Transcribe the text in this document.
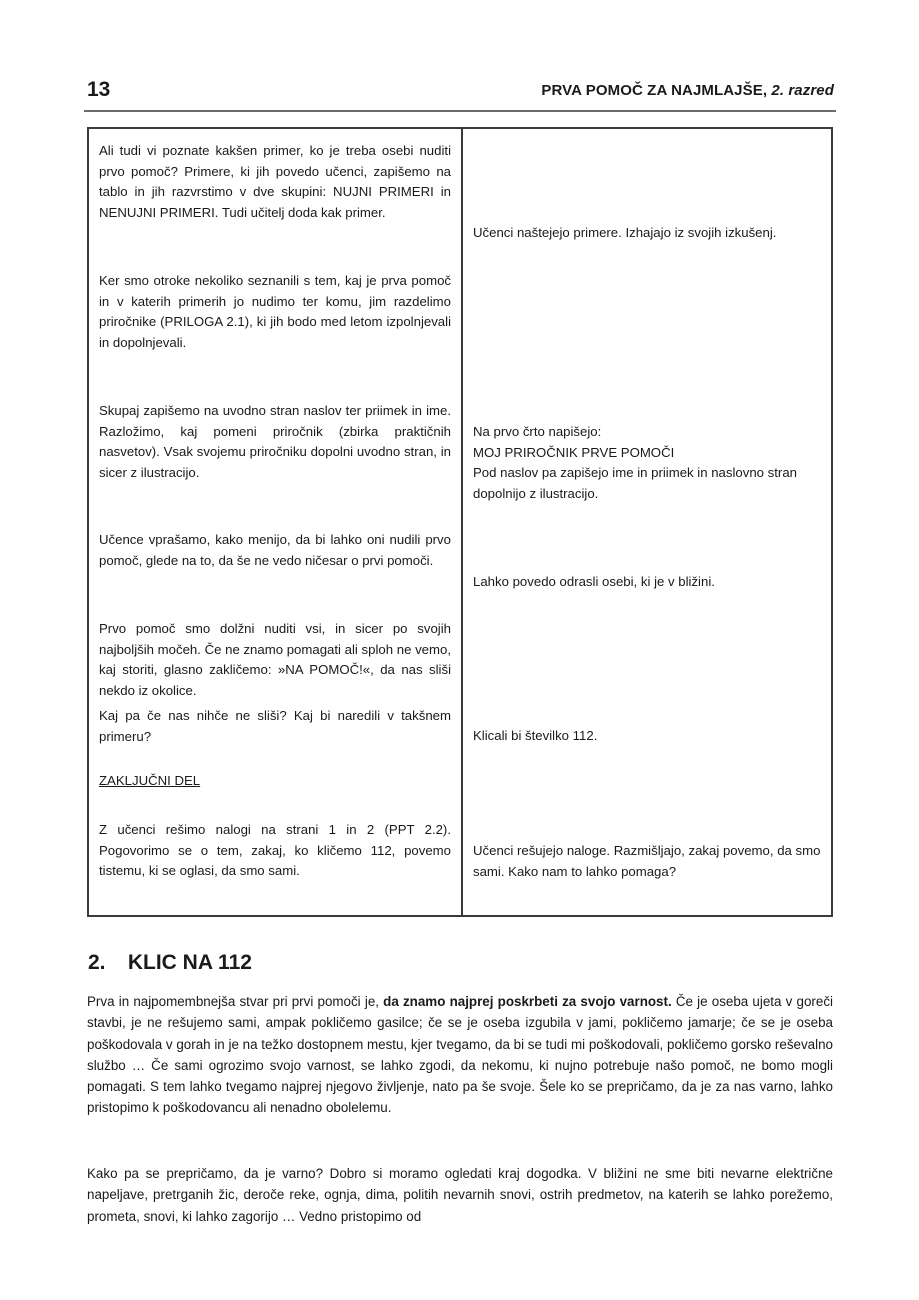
13	PRVA POMOČ ZA NAJMLAJŠE, 2. razred
Ali tudi vi poznate kakšen primer, ko je treba osebi nuditi prvo pomoč? Primere, ki jih povedo učenci, zapišemo na tablo in jih razvrstimo v dve skupini: NUJNI PRIMERI in NENUJNI PRIMERI. Tudi učitelj doda kak primer.
Učenci naštejejo primere. Izhajajo iz svojih izkušenj.
Ker smo otroke nekoliko seznanili s tem, kaj je prva pomoč in v katerih primerih jo nudimo ter komu, jim razdelimo priročnike (PRILOGA 2.1), ki jih bodo med letom izpolnjevali in dopolnjevali.
Skupaj zapišemo na uvodno stran naslov ter priimek in ime. Razložimo, kaj pomeni priročnik (zbirka praktičnih nasvetov). Vsak svojemu priročniku dopolni uvodno stran, in sicer z ilustracijo.
Na prvo črto napišejo:
MOJ PRIROČNIK PRVE POMOČI
Pod naslov pa zapišejo ime in priimek in naslovno stran dopolnijo z ilustracijo.
Učence vprašamo, kako menijo, da bi lahko oni nudili prvo pomoč, glede na to, da še ne vedo ničesar o prvi pomoči.
Lahko povedo odrasli osebi, ki je v bližini.
Prvo pomoč smo dolžni nuditi vsi, in sicer po svojih najboljših močeh. Če ne znamo pomagati ali sploh ne vemo, kaj storiti, glasno zakličemo: »NA POMOČ!«, da nas sliši nekdo iz okolice.
Kaj pa če nas nihče ne sliši? Kaj bi naredili v takšnem primeru?	Klicali bi številko 112.
ZAKLJUČNI DEL
Z učenci rešimo nalogi na strani 1 in 2 (PPT 2.2). Pogovorimo se o tem, zakaj, ko kličemo 112, povemo tistemu, ki se oglasi, da smo sami.
Učenci rešujejo naloge. Razmišljajo, zakaj povemo, da smo sami. Kako nam to lahko pomaga?
2. KLIC NA 112
Prva in najpomembnejša stvar pri prvi pomoči je, da znamo najprej poskrbeti za svojo varnost. Če je oseba ujeta v goreči stavbi, je ne rešujemo sami, ampak pokličemo gasilce; če se je oseba izgubila v jami, pokličemo jamarje; če se je oseba poškodovala v gorah in je na težko dostopnem mestu, kjer tvegamo, da bi se tudi mi poškodovali, pokličemo gorsko reševalno službo … Če sami ogrozimo svojo varnost, se lahko zgodi, da nekomu, ki nujno potrebuje našo pomoč, ne bomo mogli pomagati. S tem lahko tvegamo najprej njegovo življenje, nato pa še svoje. Šele ko se prepričamo, da je za nas varno, lahko pristopimo k poškodovancu ali nenadno obolelemu.
Kako pa se prepričamo, da je varno? Dobro si moramo ogledati kraj dogodka. V bližini ne sme biti nevarne električne napeljave, pretrganih žic, deroče reke, ognja, dima, politih nevarnih snovi, ostrih predmetov, na katerih se lahko porežemo, prometa, snovi, ki lahko zagorijo … Vedno pristopimo od
